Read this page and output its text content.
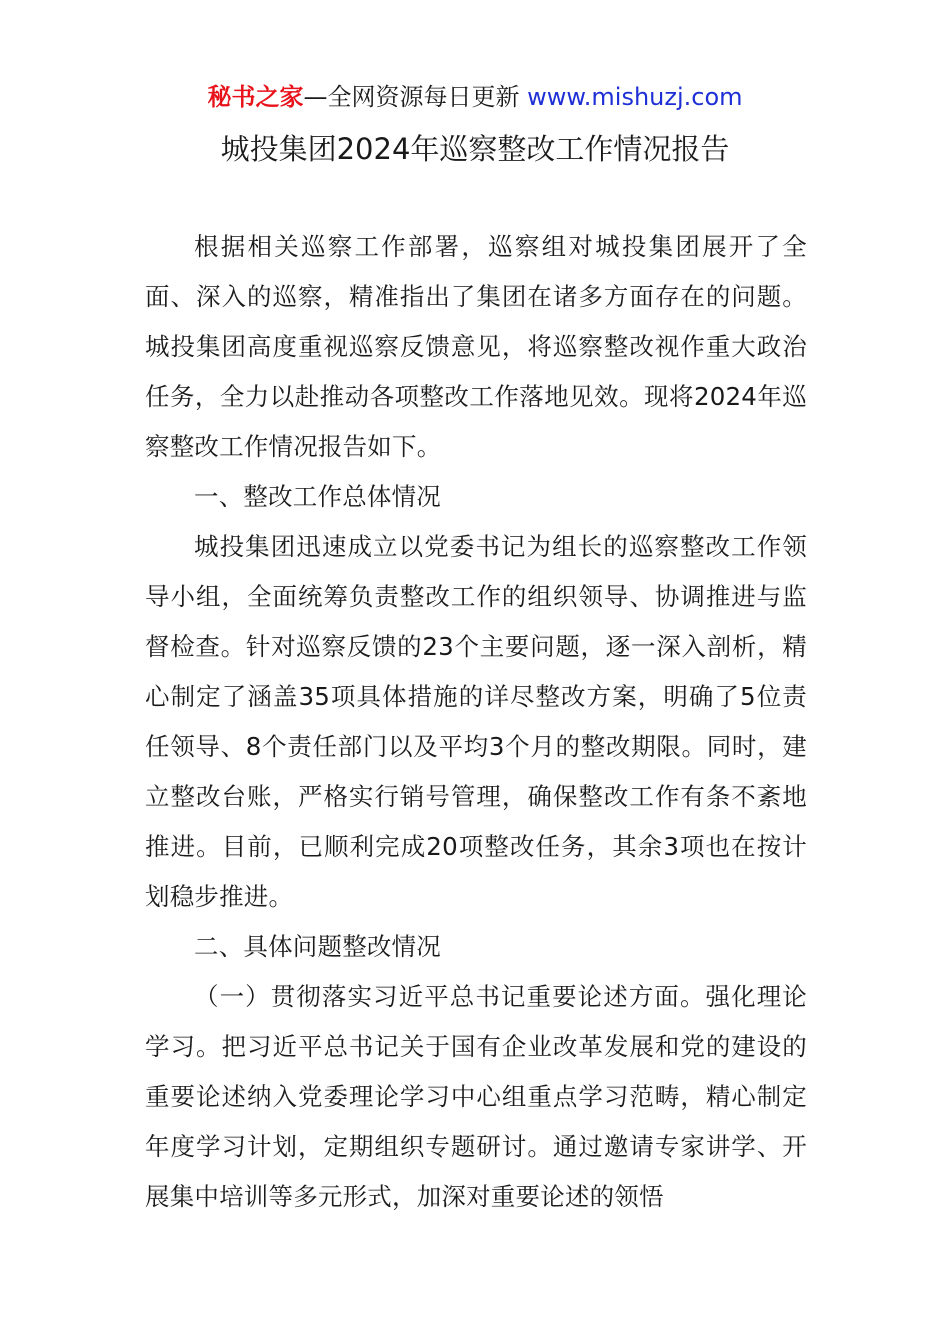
秘书之家—全网资源每日更新 www.mishuzj.com
城投集团2024年巡察整改工作情况报告

根据相关巡察工作部署，巡察组对城投集团展开了全面、深入的巡察，精准指出了集团在诸多方面存在的问题。城投集团高度重视巡察反馈意见，将巡察整改视作重大政治任务，全力以赴推动各项整改工作落地见效。现将2024年巡察整改工作情况报告如下。

一、整改工作总体情况

城投集团迅速成立以党委书记为组长的巡察整改工作领导小组，全面统筹负责整改工作的组织领导、协调推进与监督检查。针对巡察反馈的23个主要问题，逐一深入剖析，精心制定了涵盖35项具体措施的详尽整改方案，明确了5位责任领导、8个责任部门以及平均3个月的整改期限。同时，建立整改台账，严格实行销号管理，确保整改工作有条不紊地推进。目前，已顺利完成20项整改任务，其余3项也在按计划稳步推进。

二、具体问题整改情况

（一）贯彻落实习近平总书记重要论述方面。强化理论学习。把习近平总书记关于国有企业改革发展和党的建设的重要论述纳入党委理论学习中心组重点学习范畴，精心制定年度学习计划，定期组织专题研讨。通过邀请专家讲学、开展集中培训等多元形式，加深对重要论述的领悟
